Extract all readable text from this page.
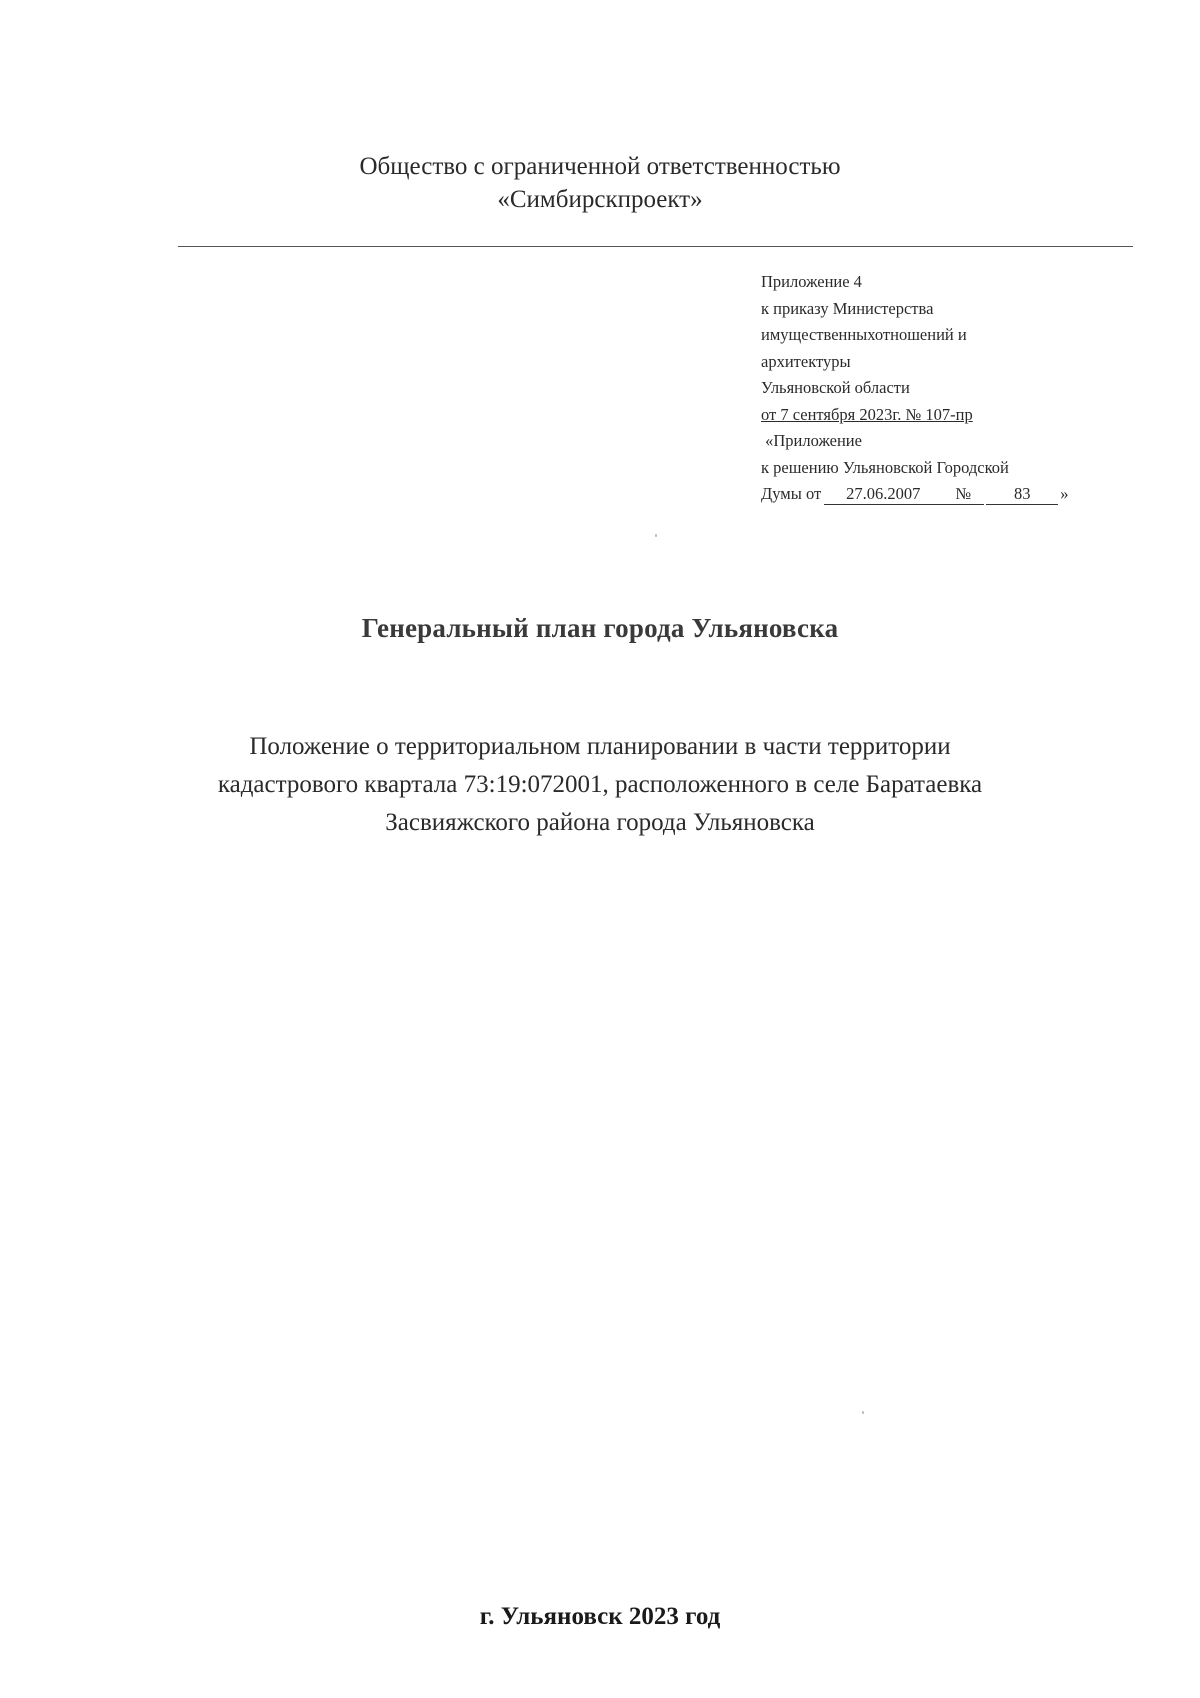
Общество с ограниченной ответственностью
«Симбирскпроект»
Приложение 4
к приказу Министерства
имущественныхотношений и
архитектуры
Ульяновской области
от 7 сентября 2023г. № 107-пр
«Приложение
к решению Ульяновской Городской
Думы от 27.06.2007 №	83 »
Генеральный план города Ульяновска
Положение о территориальном планировании в части территории
кадастрового квартала 73:19:072001, расположенного в селе Баратаевка
Засвияжского района города Ульяновска
г. Ульяновск 2023 год
